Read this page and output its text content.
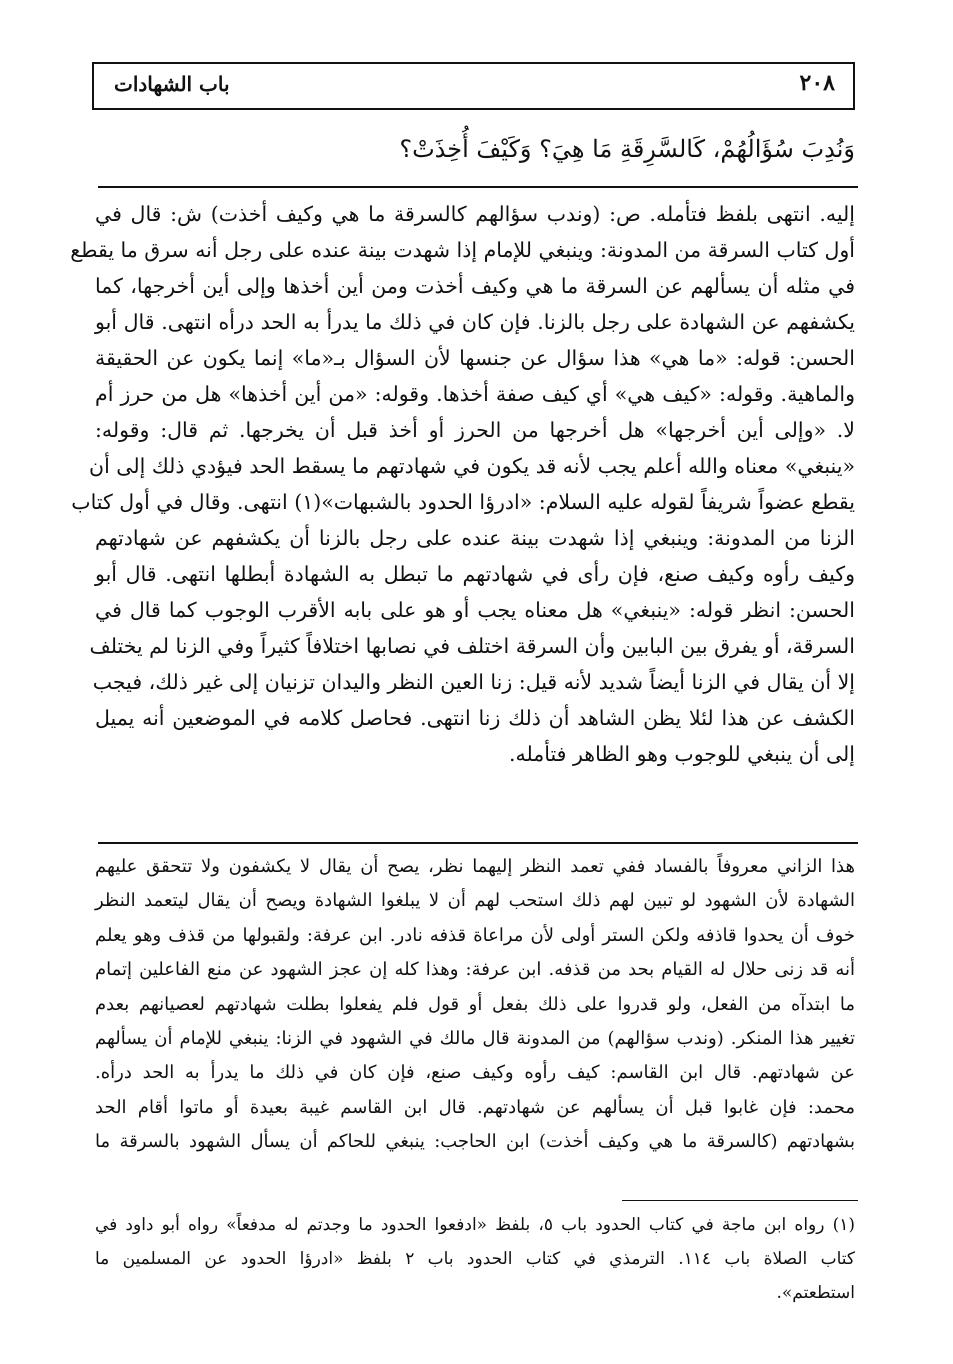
٢٠٨
باب الشهادات
وَنُدِبَ سُؤَالُهُمْ، كَالسَّرِقَةِ مَا هِيَ؟ وَكَيْفَ أُخِذَتْ؟
إليه. انتهى بلفظ فتأمله. ص: (وندب سؤالهم كالسرقة ما هي وكيف أخذت) ش: قال في
أول كتاب السرقة من المدونة: وينبغي للإمام إذا شهدت بينة عنده على رجل أنه سرق ما يقطع
في مثله أن يسألهم عن السرقة ما هي وكيف أخذت ومن أين أخذها وإلى أين أخرجها، كما
يكشفهم عن الشهادة على رجل بالزنا. فإن كان في ذلك ما يدرأ به الحد درأه انتهى. قال أبو
الحسن: قوله: «ما هي» هذا سؤال عن جنسها لأن السؤال بـ«ما» إنما يكون عن الحقيقة
والماهية. وقوله: «كيف هي» أي كيف صفة أخذها. وقوله: «من أين أخذها» هل من حرز أم
لا. «وإلى أين أخرجها» هل أخرجها من الحرز أو أخذ قبل أن يخرجها. ثم قال: وقوله:
«ينبغي» معناه والله أعلم يجب لأنه قد يكون في شهادتهم ما يسقط الحد فيؤدي ذلك إلى أن
يقطع عضواً شريفاً لقوله عليه السلام: «ادرؤا الحدود بالشبهات»(١) انتهى. وقال في أول كتاب
الزنا من المدونة: وينبغي إذا شهدت بينة عنده على رجل بالزنا أن يكشفهم عن شهادتهم
وكيف رأوه وكيف صنع، فإن رأى في شهادتهم ما تبطل به الشهادة أبطلها انتهى. قال أبو
الحسن: انظر قوله: «ينبغي» هل معناه يجب أو هو على بابه الأقرب الوجوب كما قال في
السرقة، أو يفرق بين البابين وأن السرقة اختلف في نصابها اختلافاً كثيراً وفي الزنا لم يختلف
إلا أن يقال في الزنا أيضاً شديد لأنه قيل: زنا العين النظر واليدان تزنيان إلى غير ذلك، فيجب
الكشف عن هذا لئلا يظن الشاهد أن ذلك زنا انتهى. فحاصل كلامه في الموضعين أنه يميل
إلى أن ينبغي للوجوب وهو الظاهر فتأمله.
هذا الزاني معروفاً بالفساد ففي تعمد النظر إليهما نظر، يصح أن يقال لا يكشفون ولا تتحقق عليهم
الشهادة لأن الشهود لو تبين لهم ذلك استحب لهم أن لا يبلغوا الشهادة ويصح أن يقال ليتعمد النظر
خوف أن يحدوا قاذفه ولكن الستر أولى لأن مراعاة قذفه نادر. ابن عرفة: ولقبولها من قذف وهو يعلم
أنه قد زنى حلال له القيام بحد من قذفه. ابن عرفة: وهذا كله إن عجز الشهود عن منع الفاعلين إتمام
ما ابتدآه من الفعل، ولو قدروا على ذلك بفعل أو قول فلم يفعلوا بطلت شهادتهم لعصيانهم بعدم
تغيير هذا المنكر. (وندب سؤالهم) من المدونة قال مالك في الشهود في الزنا: ينبغي للإمام أن يسألهم
عن شهادتهم. قال ابن القاسم: كيف رأوه وكيف صنع، فإن كان في ذلك ما يدرأ به الحد درأه.
محمد: فإن غابوا قبل أن يسألهم عن شهادتهم. قال ابن القاسم غيبة بعيدة أو ماتوا أقام الحد
بشهادتهم (كالسرقة ما هي وكيف أخذت) ابن الحاجب: ينبغي للحاكم أن يسأل الشهود بالسرقة ما
(١) رواه ابن ماجة في كتاب الحدود باب ٥، بلفظ «ادفعوا الحدود ما وجدتم له مدفعاً» رواه أبو داود في
كتاب الصلاة باب ١١٤. الترمذي في كتاب الحدود باب ٢ بلفظ «ادرؤا الحدود عن المسلمين ما
استطعتم».
